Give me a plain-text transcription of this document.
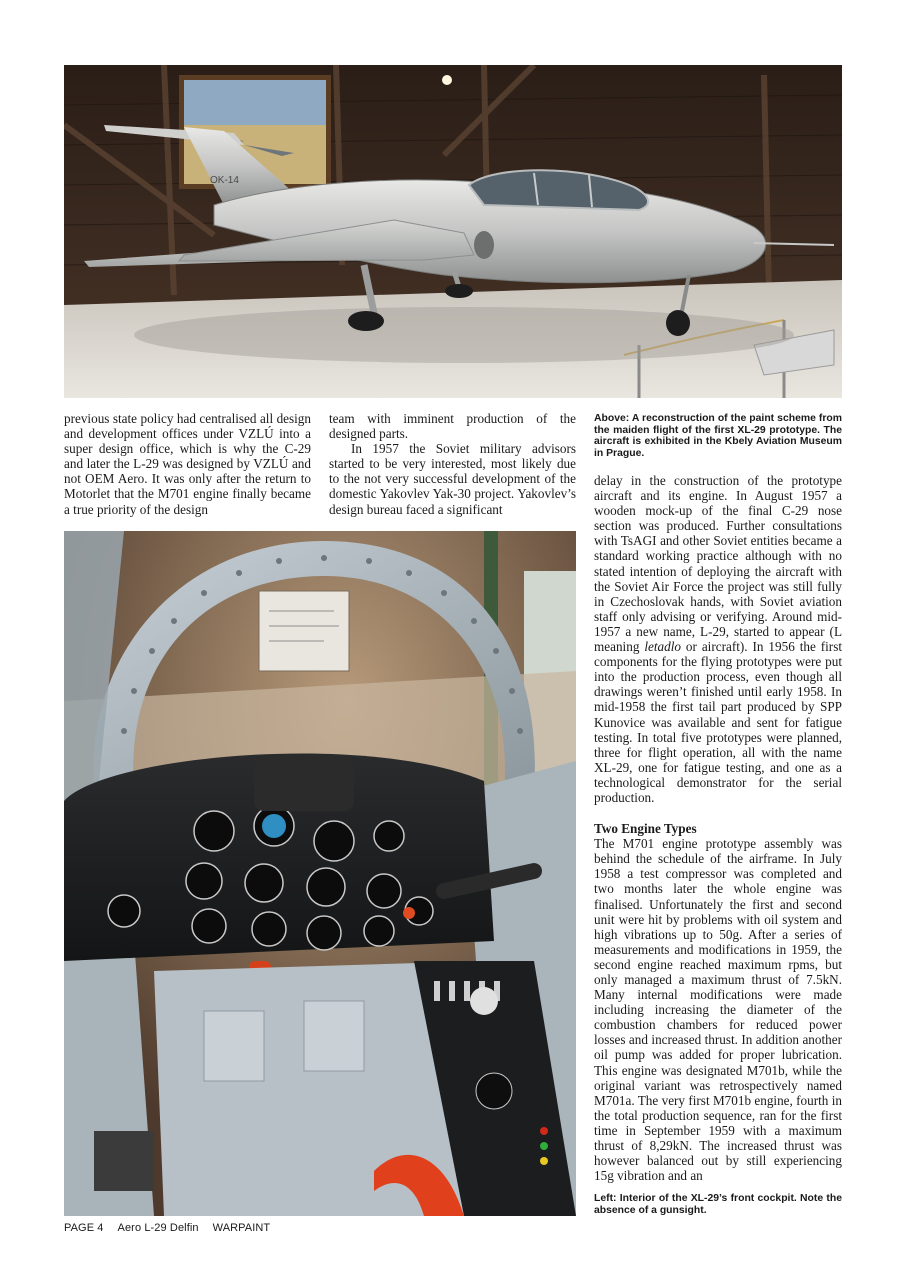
OK-14

previous state policy had centralised all design and development offices under VZLÚ into a super design office, which is why the C-29 and later the L-29 was designed by VZLÚ and not OEM Aero. It was only after the return to Motorlet that the M701 engine finally became a true priority of the design

team with imminent production of the designed parts.

In 1957 the Soviet military advisors started to be very interested, most likely due to the not very successful development of the domestic Yakovlev Yak-30 project. Yakovlev’s design bureau faced a significant

Above: A reconstruction of the paint scheme from the maiden flight of the first XL-29 prototype. The aircraft is exhibited in the Kbely Aviation Museum in Prague.

delay in the construction of the prototype aircraft and its engine. In August 1957 a wooden mock-up of the final C-29 nose section was produced. Further consultations with TsAGI and other Soviet entities became a standard working practice although with no stated intention of deploying the aircraft with the Soviet Air Force the project was still fully in Czechoslovak hands, with Soviet aviation staff only advising or verifying. Around mid-1957 a new name, L-29, started to appear (L meaning letadlo or aircraft). In 1956 the first components for the flying prototypes were put into the production process, even though all drawings weren’t finished until early 1958. In mid-1958 the first tail part produced by SPP Kunovice was available and sent for fatigue testing. In total five prototypes were planned, three for flight operation, all with the name XL-29, one for fatigue testing, and one as a technological demonstrator for the serial production.

Two Engine Types

The M701 engine prototype assembly was behind the schedule of the airframe. In July 1958 a test compressor was completed and two months later the whole engine was finalised. Unfortunately the first and second unit were hit by problems with oil system and high vibrations up to 50g. After a series of measurements and modifications in 1959, the second engine reached maximum rpms, but only managed a maximum thrust of 7.5kN. Many internal modifications were made including increasing the diameter of the combustion chambers for reduced power losses and increased thrust. In addition another oil pump was added for proper lubrication. This engine was designated M701b, while the original variant was retrospectively named M701a. The very first M701b engine, fourth in the total production sequence, ran for the first time in September 1959 with a maximum thrust of 8,29kN. The increased thrust was however balanced out by still experiencing 15g vibration and an

Left: Interior of the XL-29’s front cockpit. Note the absence of a gunsight.

PAGE 4 Aero L-29 Delfin WARPAINT
